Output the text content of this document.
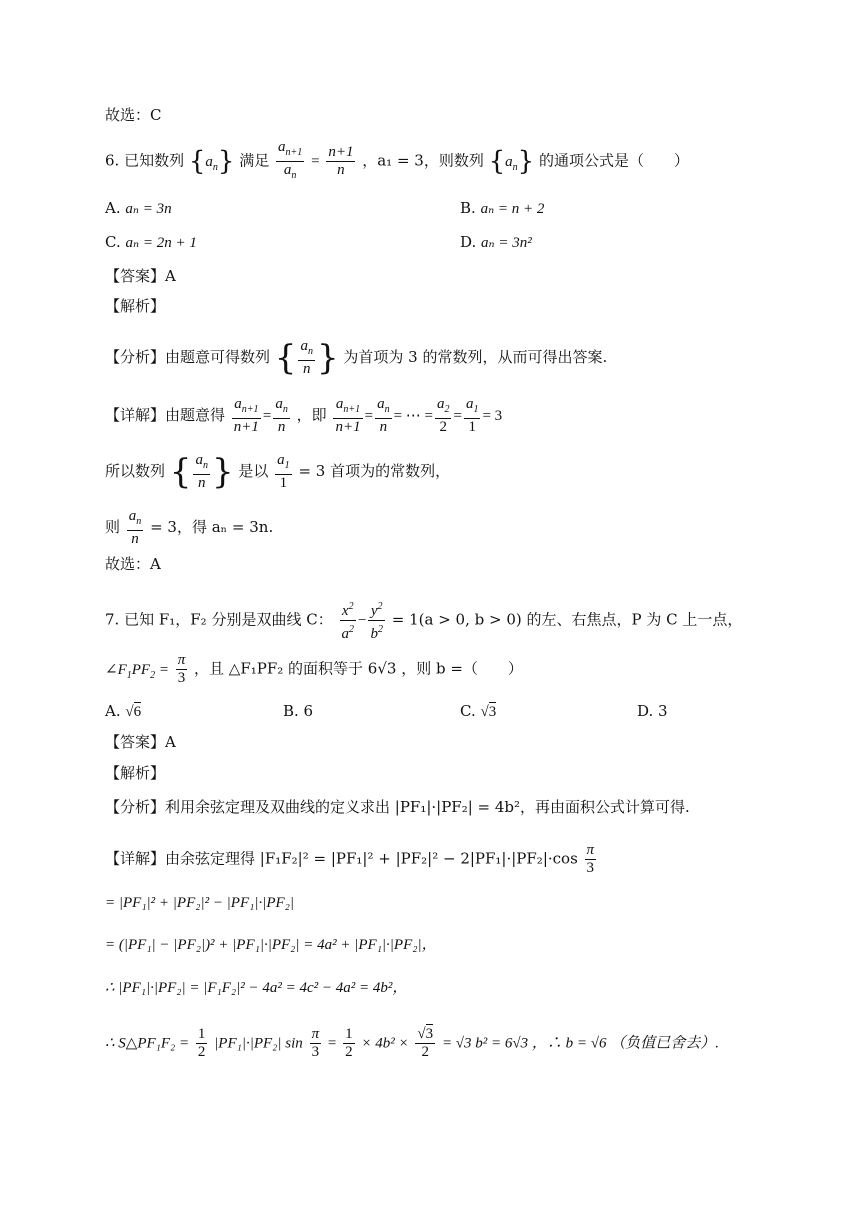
故选：C
6. 已知数列 $\{a_n\}$ 满足 $\frac{a_{n+1}}{a_n} = \frac{n+1}{n}$ ，a₁ = 3，则数列 $\{a_n\}$ 的通项公式是（　　）
A. aₙ = 3n	B. aₙ = n + 2
C. aₙ = 2n + 1	D. aₙ = 3n²
【答案】A
【解析】
【分析】由题意可得数列 { $\frac{a_n}{n}$ } 为首项为 3 的常数列，从而可得出答案.
【详解】由题意得 $\frac{a_{n+1}}{n+1} = \frac{a_n}{n}$ ，即 $\frac{a_{n+1}}{n+1} = \frac{a_n}{n}$ = ⋯ = $\frac{a_2}{2} = \frac{a_1}{1} = 3$
所以数列 { $\frac{a_n}{n}$ } 是以 $\frac{a_1}{1} = 3$ 首项为的常数列，
则 $\frac{a_n}{n} = 3$，得 aₙ = 3n.
故选：A
7. 已知 F₁，F₂ 分别是双曲线 C： $\frac{x^2}{a^2} - \frac{y^2}{b^2} = 1(a > 0$, b > 0) 的左、右焦点，P 为 C 上一点，
$\angle F_1PF_2 = \frac{\pi}{3}$ ，且 △F₁PF₂ 的面积等于 6√3 ，则 b =（　　）
A. √6	B. 6	C. √3	D. 3
【答案】A
【解析】
【分析】利用余弦定理及双曲线的定义求出 |PF₁|·|PF₂| = 4b²，再由面积公式计算可得.
【详解】由余弦定理得 $|F_1F_2|^2 = |PF_1|^2 + |PF_2|^2 - 2|PF_1|\cdot|PF_2|\cdot\cos \frac{\pi}{3}$
= |PF₁|² + |PF₂|² − |PF₁|·|PF₂|
= (|PF₁| − |PF₂|)² + |PF₁|·|PF₂| = 4a² + |PF₁|·|PF₂|，
∴ |PF₁|·|PF₂| = |F₁F₂|² − 4a² = 4c² − 4a² = 4b²，
∴ S△PF₁F₂ = $\frac{1}{2} |PF_1|\cdot|PF_2|$ $\sin \frac{\pi}{3} = \frac{1}{2} \times 4b^2 \times \frac{√3}{2} = √3$ b² = 6√3 ，∴ b = √6 （负值已舍去）.
